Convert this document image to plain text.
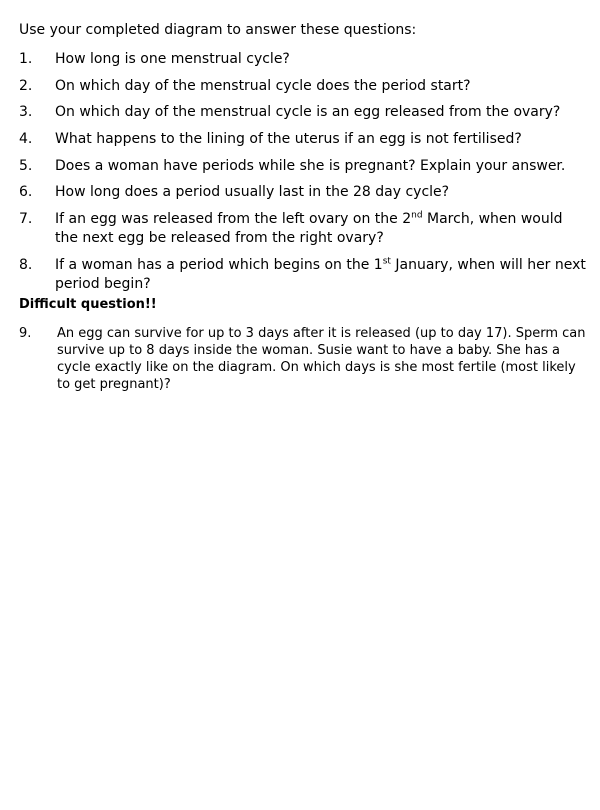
Use your completed diagram to answer these questions:
1. How long is one menstrual cycle?
2. On which day of the menstrual cycle does the period start?
3. On which day of the menstrual cycle is an egg released from the ovary?
4. What happens to the lining of the uterus if an egg is not fertilised?
5. Does a woman have periods while she is pregnant? Explain your answer.
6. How long does a period usually last in the 28 day cycle?
7. If an egg was released from the left ovary on the 2nd March, when would the next egg be released from the right ovary?
8. If a woman has a period which begins on the 1st January, when will her next period begin?
Difficult question!!
9. An egg can survive for up to 3 days after it is released (up to day 17). Sperm can survive up to 8 days inside the woman. Susie want to have a baby. She has a cycle exactly like on the diagram. On which days is she most fertile (most likely to get pregnant)?
